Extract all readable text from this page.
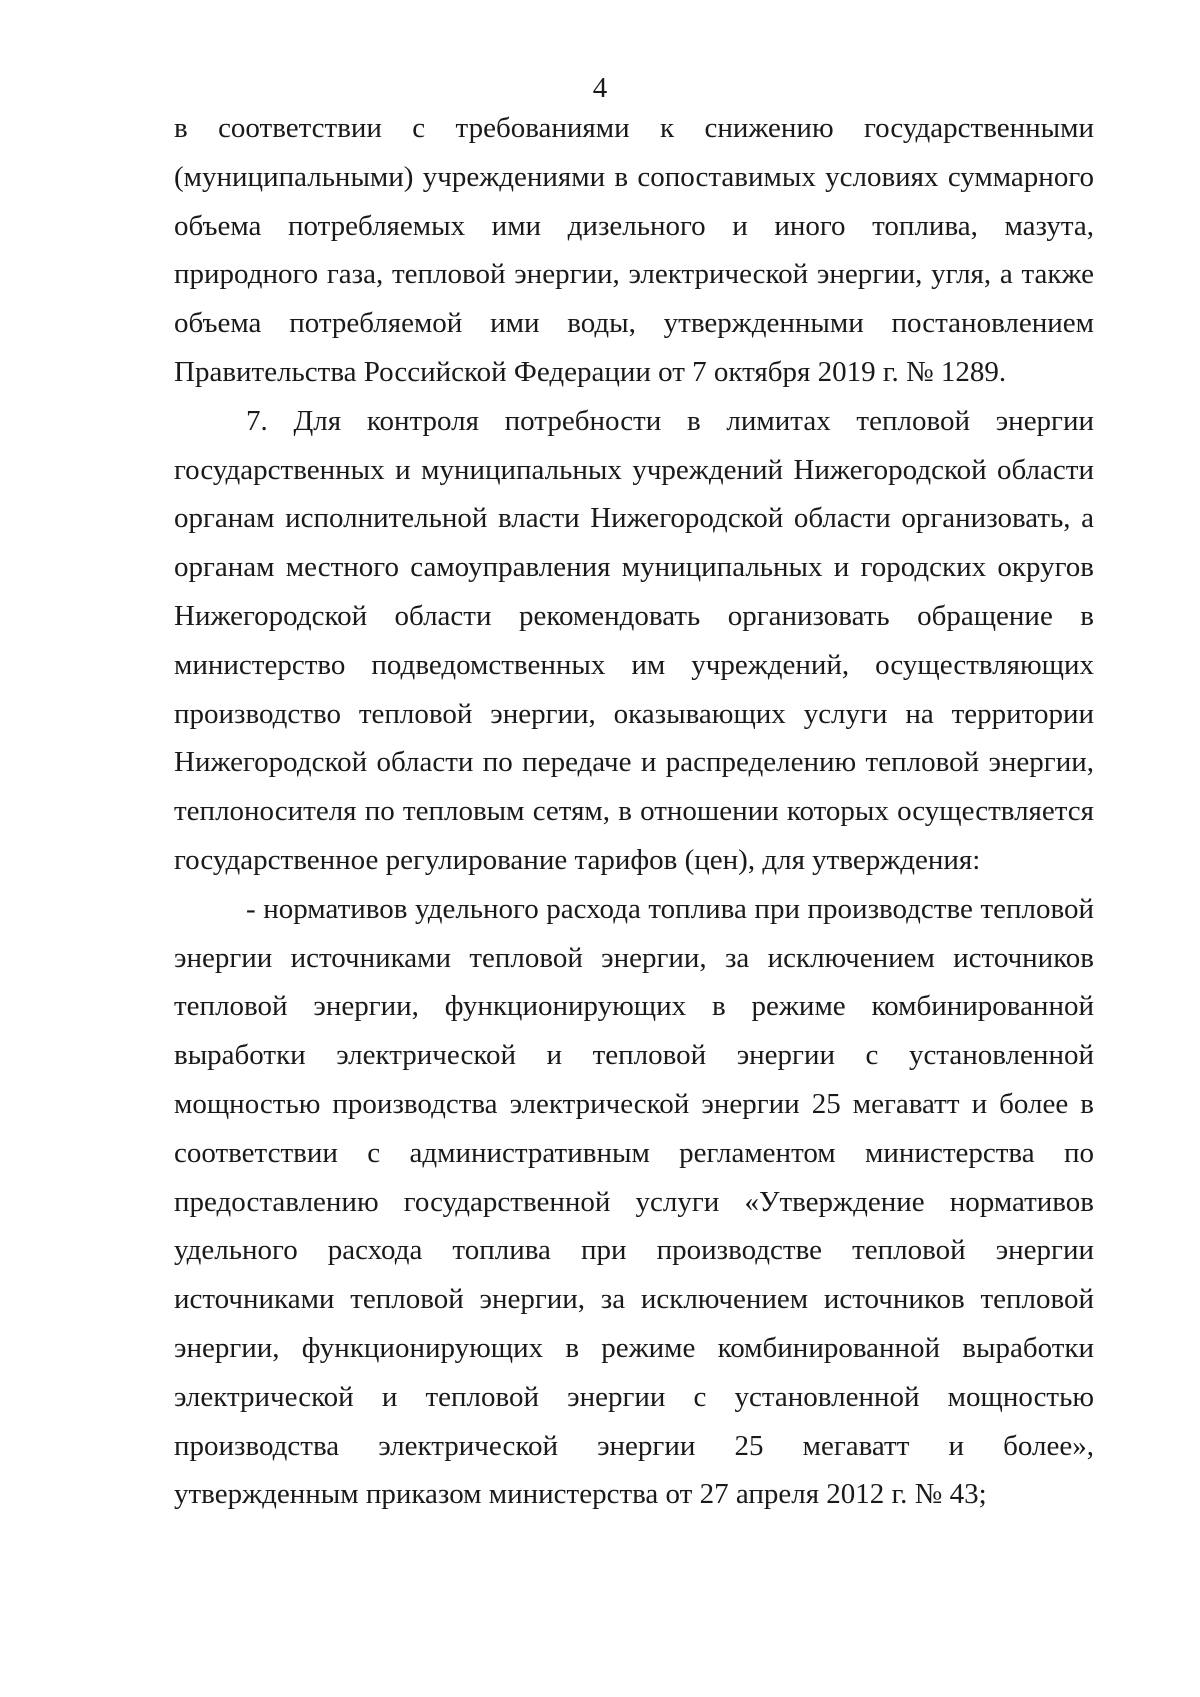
4

в соответствии с требованиями к снижению государственными (муниципальными) учреждениями в сопоставимых условиях суммарного объема потребляемых ими дизельного и иного топлива, мазута, природного газа, тепловой энергии, электрической энергии, угля, а также объема потребляемой ими воды, утвержденными постановлением Правительства Российской Федерации от 7 октября 2019 г. № 1289.

7. Для контроля потребности в лимитах тепловой энергии государственных и муниципальных учреждений Нижегородской области органам исполнительной власти Нижегородской области организовать, а органам местного самоуправления муниципальных и городских округов Нижегородской области рекомендовать организовать обращение в министерство подведомственных им учреждений, осуществляющих производство тепловой энергии, оказывающих услуги на территории Нижегородской области по передаче и распределению тепловой энергии, теплоносителя по тепловым сетям, в отношении которых осуществляется государственное регулирование тарифов (цен), для утверждения:

- нормативов удельного расхода топлива при производстве тепловой энергии источниками тепловой энергии, за исключением источников тепловой энергии, функционирующих в режиме комбинированной выработки электрической и тепловой энергии с установленной мощностью производства электрической энергии 25 мегаватт и более в соответствии с административным регламентом министерства по предоставлению государственной услуги «Утверждение нормативов удельного расхода топлива при производстве тепловой энергии источниками тепловой энергии, за исключением источников тепловой энергии, функционирующих в режиме комбинированной выработки электрической и тепловой энергии с установленной мощностью производства электрической энергии 25 мегаватт и более», утвержденным приказом министерства от 27 апреля 2012 г. № 43;
